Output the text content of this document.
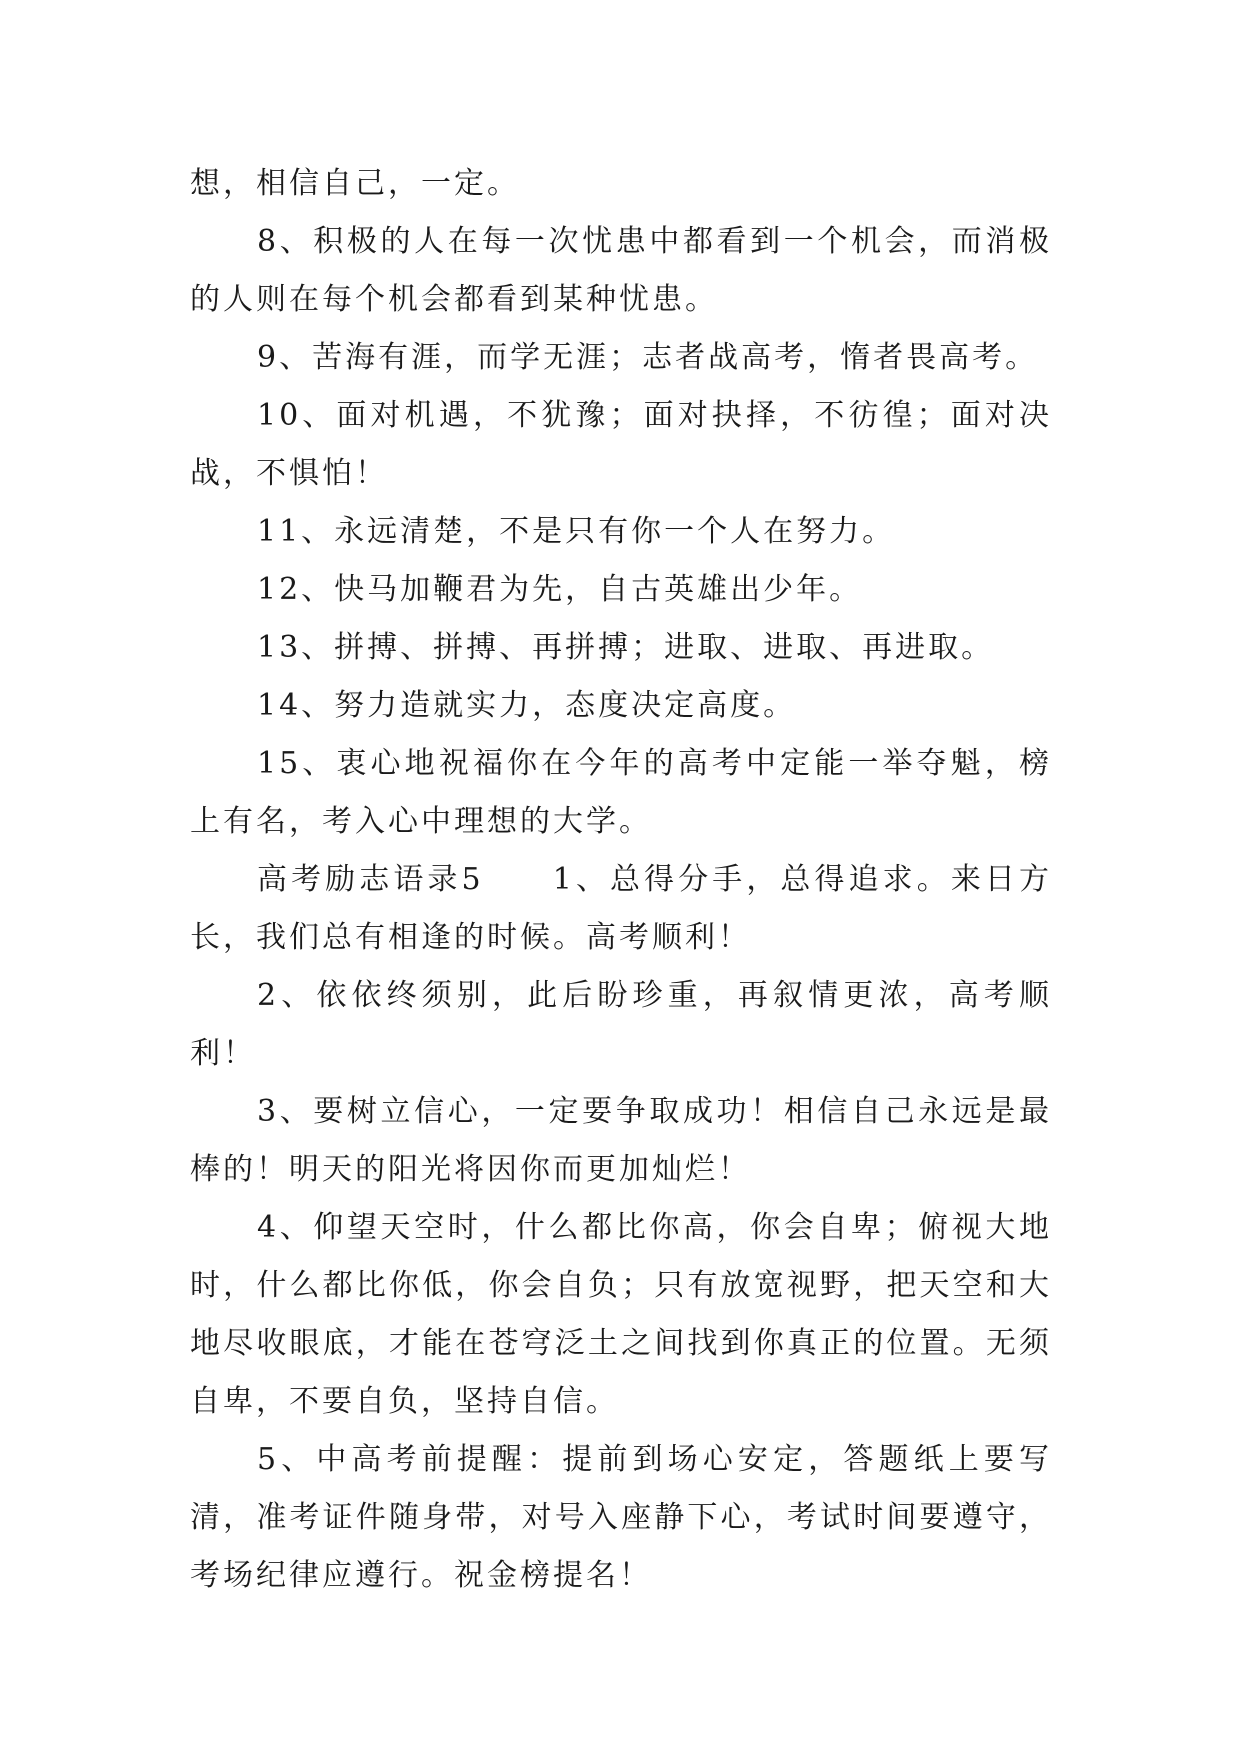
想，相信自己，一定。

8、积极的人在每一次忧患中都看到一个机会，而消极的人则在每个机会都看到某种忧患。

9、苦海有涯，而学无涯；志者战高考，惰者畏高考。

10、面对机遇，不犹豫；面对抉择，不彷徨；面对决战，不惧怕！

11、永远清楚，不是只有你一个人在努力。

12、快马加鞭君为先，自古英雄出少年。

13、拼搏、拼搏、再拼搏；进取、进取、再进取。

14、努力造就实力，态度决定高度。

15、衷心地祝福你在今年的高考中定能一举夺魁，榜上有名，考入心中理想的大学。

高考励志语录5　　1、总得分手，总得追求。来日方长，我们总有相逢的时候。高考顺利！

2、依依终须别，此后盼珍重，再叙情更浓，高考顺利！

3、要树立信心，一定要争取成功！相信自己永远是最棒的！明天的阳光将因你而更加灿烂！

4、仰望天空时，什么都比你高，你会自卑；俯视大地时，什么都比你低，你会自负；只有放宽视野，把天空和大地尽收眼底，才能在苍穹泛土之间找到你真正的位置。无须自卑，不要自负，坚持自信。

5、中高考前提醒：提前到场心安定，答题纸上要写清，准考证件随身带，对号入座静下心，考试时间要遵守，考场纪律应遵行。祝金榜提名！
